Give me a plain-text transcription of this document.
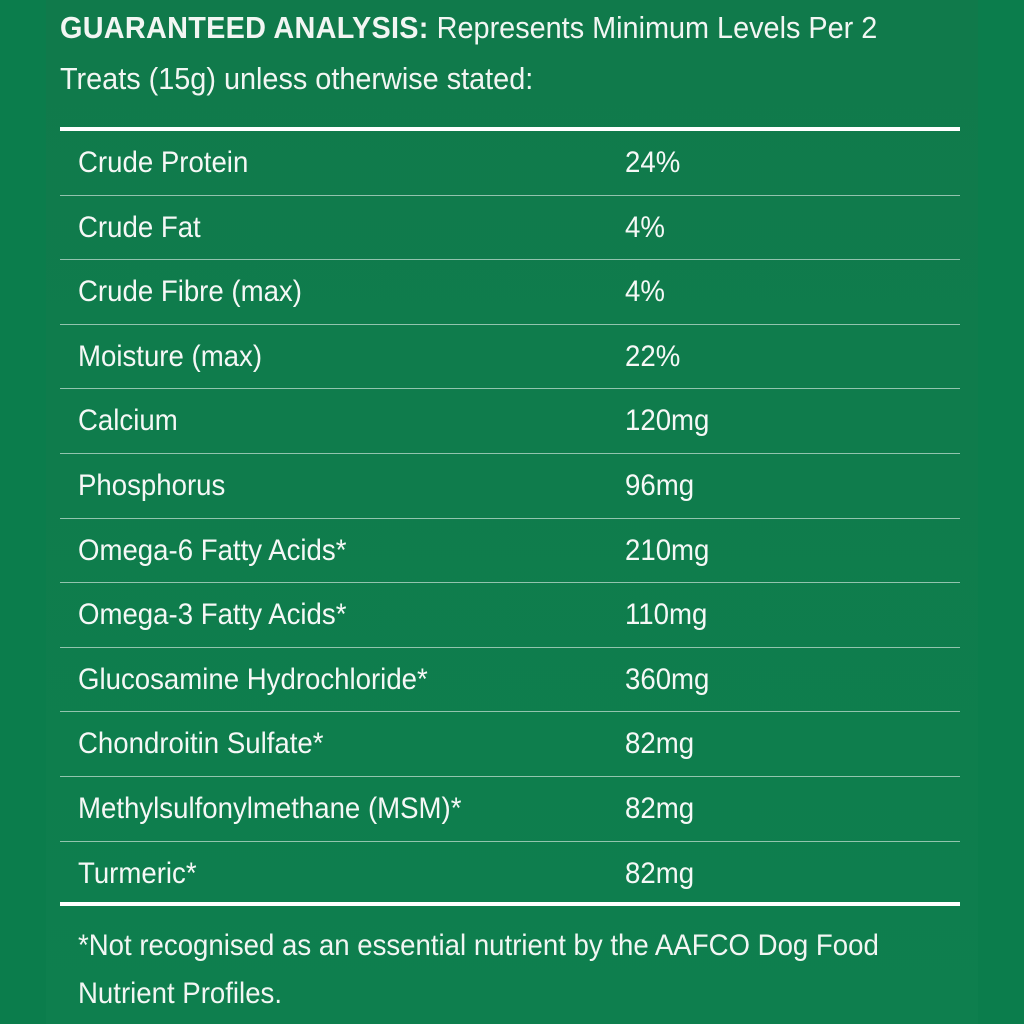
GUARANTEED ANALYSIS: Represents Minimum Levels Per 2
Treats (15g) unless otherwise stated:
Crude Protein	24%
Crude Fat	4%
Crude Fibre (max)	4%
Moisture (max)	22%
Calcium	120mg
Phosphorus	96mg
Omega-6 Fatty Acids*	210mg
Omega-3 Fatty Acids*	110mg
Glucosamine Hydrochloride*	360mg
Chondroitin Sulfate*	82mg
Methylsulfonylmethane (MSM)*	82mg
Turmeric*	82mg
*Not recognised as an essential nutrient by the AAFCO Dog Food
Nutrient Profiles.
